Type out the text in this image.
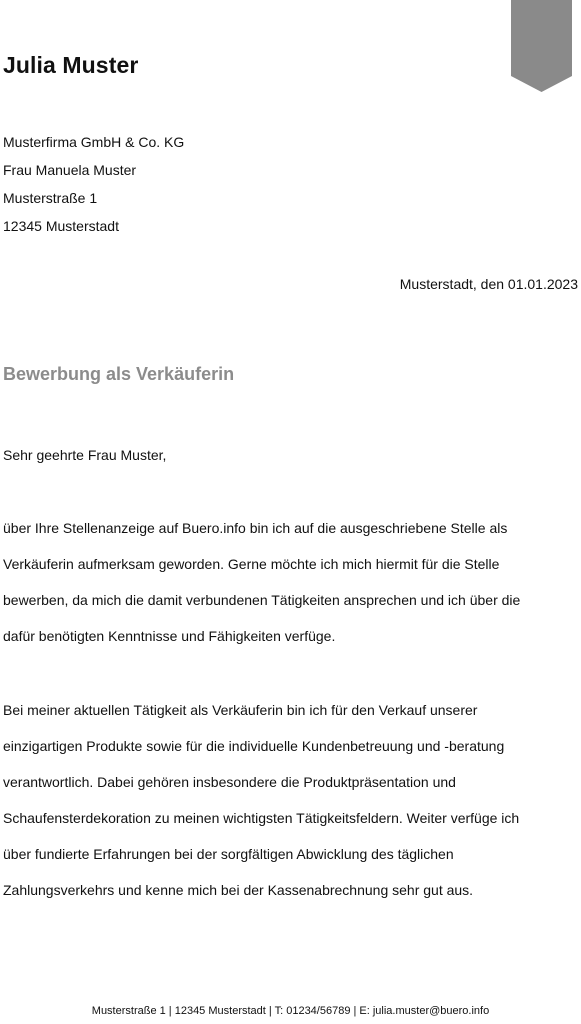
Julia Muster
Musterfirma GmbH & Co. KG
Frau Manuela Muster
Musterstraße 1
12345 Musterstadt
Musterstadt, den 01.01.2023
Bewerbung als Verkäuferin
Sehr geehrte Frau Muster,
über Ihre Stellenanzeige auf Buero.info bin ich auf die ausgeschriebene Stelle als
Verkäuferin aufmerksam geworden. Gerne möchte ich mich hiermit für die Stelle
bewerben, da mich die damit verbundenen Tätigkeiten ansprechen und ich über die
dafür benötigten Kenntnisse und Fähigkeiten verfüge.
Bei meiner aktuellen Tätigkeit als Verkäuferin bin ich für den Verkauf unserer
einzigartigen Produkte sowie für die individuelle Kundenbetreuung und -beratung
verantwortlich. Dabei gehören insbesondere die Produktpräsentation und
Schaufensterdekoration zu meinen wichtigsten Tätigkeitsfeldern. Weiter verfüge ich
über fundierte Erfahrungen bei der sorgfältigen Abwicklung des täglichen
Zahlungsverkehrs und kenne mich bei der Kassenabrechnung sehr gut aus.
Musterstraße 1 | 12345 Musterstadt | T: 01234/56789 | E: julia.muster@buero.info
